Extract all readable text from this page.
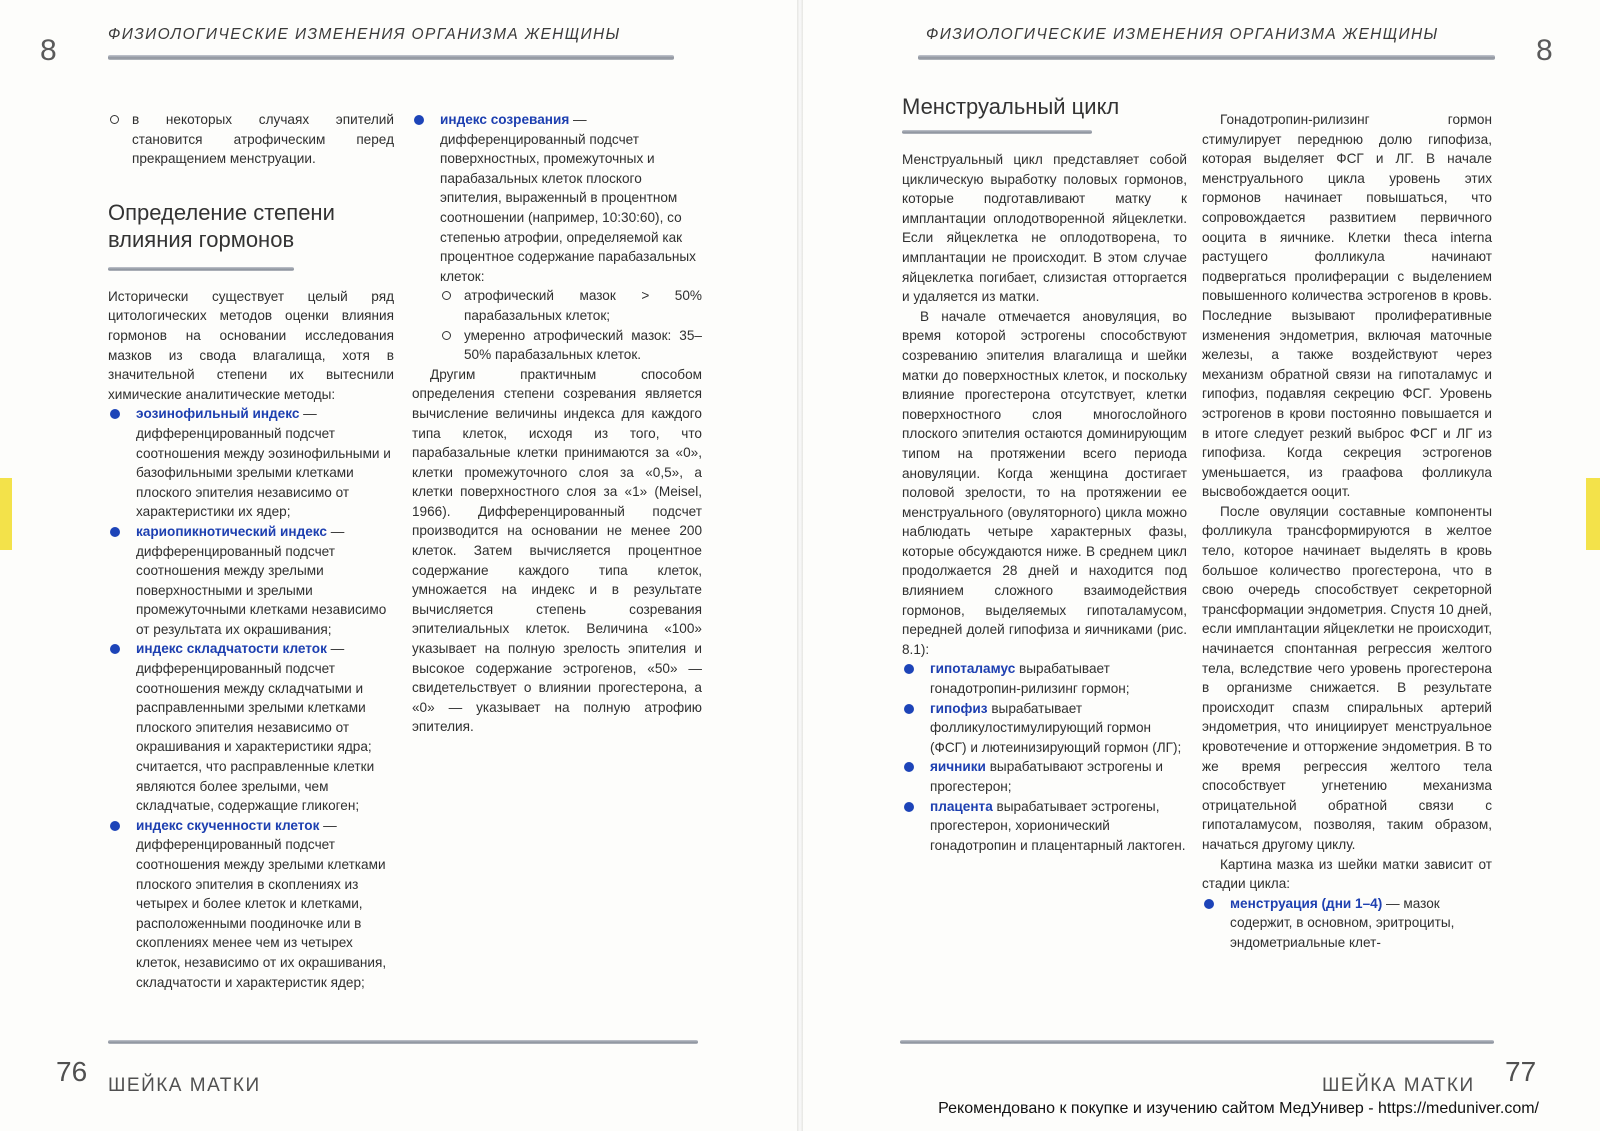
8	ФИЗИОЛОГИЧЕСКИЕ ИЗМЕНЕНИЯ ОРГАНИЗМА ЖЕНЩИНЫ	ФИЗИОЛОГИЧЕСКИЕ ИЗМЕНЕНИЯ ОРГАНИЗМА ЖЕНЩИНЫ	8
в некоторых случаях эпителий становится атрофическим перед прекращением менструации.
Определение степени влияния гормонов

Исторически существует целый ряд цитологических методов оценки влияния гормонов на основании исследования мазков из свода влагалища, хотя в значительной степени их вытеснили химические аналитические методы:

эозинофильный индекс — дифференцированный подсчет соотношения между эозинофильными и базофильными зрелыми клетками плоского эпителия независимо от характеристики их ядер;
кариопикнотический индекс — дифференцированный подсчет соотношения между зрелыми поверхностными и зрелыми промежуточными клетками независимо от результата их окрашивания;
индекс складчатости клеток — дифференцированный подсчет соотношения между складчатыми и расправленными зрелыми клетками плоского эпителия независимо от окрашивания и характеристики ядра; считается, что расправленные клетки являются более зрелыми, чем складчатые, содержащие гликоген;
индекс скученности клеток — дифференцированный подсчет соотношения между зрелыми клетками плоского эпителия в скоплениях из четырех и более клеток и клетками, расположенными поодиночке или в скоплениях менее чем из четырех клеток, независимо от их окрашивания, складчатости и характеристик ядер;
индекс созревания — дифференцированный подсчет поверхностных, промежуточных и парабазальных клеток плоского эпителия, выраженный в процентном соотношении (например, 10:30:60), со степенью атрофии, определяемой как процентное содержание парабазальных клеток:
атрофический мазок > 50% парабазальных клеток;
умеренно атрофический мазок: 35–50% парабазальных клеток.

Другим практичным способом определения степени созревания является вычисление величины индекса для каждого типа клеток, исходя из того, что парабазальные клетки принимаются за «0», клетки промежуточного слоя за «0,5», а клетки поверхностного слоя за «1» (Meisel, 1966). Дифференцированный подсчет производится на основании не менее 200 клеток. Затем вычисляется процентное содержание каждого типа клеток, умножается на индекс и в результате вычисляется степень созревания эпителиальных клеток. Величина «100» указывает на полную зрелость эпителия и высокое содержание эстрогенов, «50» — свидетельствует о влиянии прогестерона, а «0» — указывает на полную атрофию эпителия.

Менструальный цикл

Менструальный цикл представляет собой циклическую выработку половых гормонов, которые подготавливают матку к имплантации оплодотворенной яйцеклетки. Если яйцеклетка не оплодотворена, то имплантации не происходит. В этом случае яйцеклетка погибает, слизистая отторгается и удаляется из матки.

В начале отмечается ановуляция, во время которой эстрогены способствуют созреванию эпителия влагалища и шейки матки до поверхностных клеток, и поскольку влияние прогестерона отсутствует, клетки поверхностного слоя многослойного плоского эпителия остаются доминирующим типом на протяжении всего периода ановуляции. Когда женщина достигает половой зрелости, то на протяжении ее менструального (овуляторного) цикла можно наблюдать четыре характерных фазы, которые обсуждаются ниже. В среднем цикл продолжается 28 дней и находится под влиянием сложного взаимодействия гормонов, выделяемых гипоталамусом, передней долей гипофиза и яичниками (рис. 8.1):

гипоталамус вырабатывает гонадотропин-рилизинг гормон;
гипофиз вырабатывает фолликулостимулирующий гормон (ФСГ) и лютеинизирующий гормон (ЛГ);
яичники вырабатывают эстрогены и прогестерон;
плацента вырабатывает эстрогены, прогестерон, хорионический гонадотропин и плацентарный лактоген.

Гонадотропин-рилизинг гормон стимулирует переднюю долю гипофиза, которая выделяет ФСГ и ЛГ. В начале менструального цикла уровень этих гормонов начинает повышаться, что сопровождается развитием первичного ооцита в яичнике. Клетки theca interna растущего фолликула начинают подвергаться пролиферации с выделением повышенного количества эстрогенов в кровь. Последние вызывают пролиферативные изменения эндометрия, включая маточные железы, а также воздействуют через механизм обратной связи на гипоталамус и гипофиз, подавляя секрецию ФСГ. Уровень эстрогенов в крови постоянно повышается и в итоге следует резкий выброс ФСГ и ЛГ из гипофиза. Когда секреция эстрогенов уменьшается, из граафова фолликула высвобождается ооцит.

После овуляции составные компоненты фолликула трансформируются в желтое тело, которое начинает выделять в кровь большое количество прогестерона, что в свою очередь способствует секреторной трансформации эндометрия. Спустя 10 дней, если имплантации яйцеклетки не происходит, начинается спонтанная регрессия желтого тела, вследствие чего уровень прогестерона в организме снижается. В результате происходит спазм спиральных артерий эндометрия, что инициирует менструальное кровотечение и отторжение эндометрия. В то же время регрессия желтого тела способствует угнетению механизма отрицательной обратной связи с гипоталамусом, позволяя, таким образом, начаться другому циклу.

Картина мазка из шейки матки зависит от стадии цикла:

менструация (дни 1–4) — мазок содержит, в основном, эритроциты, эндометриальные клет-
76 ШЕЙКА МАТКИ	ШЕЙКА МАТКИ 77
Рекомендовано к покупке и изучению сайтом МедУнивер - https://meduniver.com/
